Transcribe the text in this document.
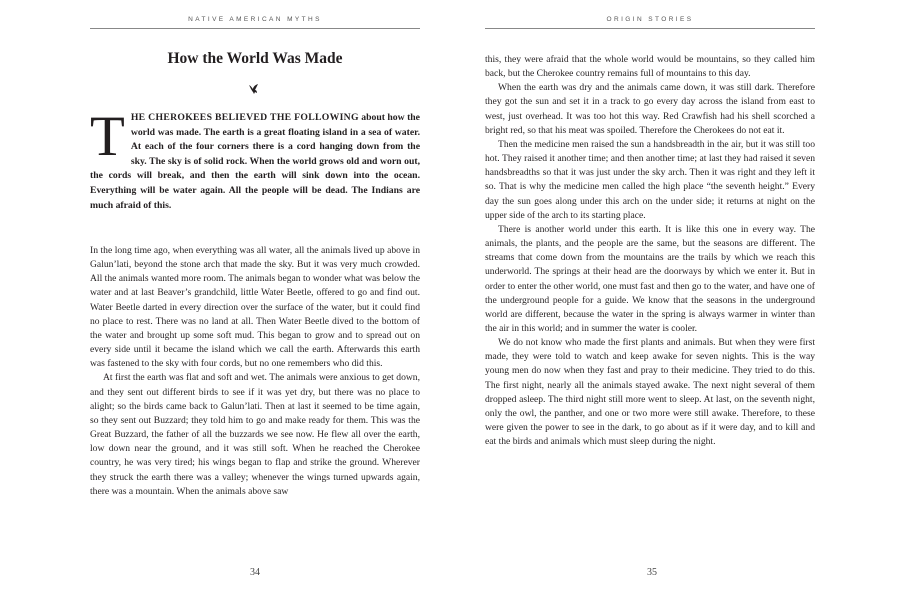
NATIVE AMERICAN MYTHS
How the World Was Made

THE CHEROKEES BELIEVED THE FOLLOWING about how the world was made. The earth is a great floating island in a sea of water. At each of the four corners there is a cord hanging down from the sky. The sky is of solid rock. When the world grows old and worn out, the cords will break, and then the earth will sink down into the ocean. Everything will be water again. All the people will be dead. The Indians are much afraid of this.

In the long time ago, when everything was all water, all the animals lived up above in Galun’lati, beyond the stone arch that made the sky. But it was very much crowded. All the animals wanted more room. The animals began to wonder what was below the water and at last Beaver’s grandchild, little Water Beetle, offered to go and find out. Water Beetle darted in every direction over the surface of the water, but it could find no place to rest. There was no land at all. Then Water Beetle dived to the bottom of the water and brought up some soft mud. This began to grow and to spread out on every side until it became the island which we call the earth. Afterwards this earth was fastened to the sky with four cords, but no one remembers who did this.

At first the earth was flat and soft and wet. The animals were anxious to get down, and they sent out different birds to see if it was yet dry, but there was no place to alight; so the birds came back to Galun’lati. Then at last it seemed to be time again, so they sent out Buzzard; they told him to go and make ready for them. This was the Great Buzzard, the father of all the buzzards we see now. He flew all over the earth, low down near the ground, and it was still soft. When he reached the Cherokee country, he was very tired; his wings began to flap and strike the ground. Wherever they struck the earth there was a valley; whenever the wings turned upwards again, there was a mountain. When the animals above saw

34
ORIGIN STORIES

this, they were afraid that the whole world would be mountains, so they called him back, but the Cherokee country remains full of mountains to this day.

When the earth was dry and the animals came down, it was still dark. Therefore they got the sun and set it in a track to go every day across the island from east to west, just overhead. It was too hot this way. Red Crawfish had his shell scorched a bright red, so that his meat was spoiled. Therefore the Cherokees do not eat it.

Then the medicine men raised the sun a handsbreadth in the air, but it was still too hot. They raised it another time; and then another time; at last they had raised it seven handsbreadths so that it was just under the sky arch. Then it was right and they left it so. That is why the medicine men called the high place “the seventh height.” Every day the sun goes along under this arch on the under side; it returns at night on the upper side of the arch to its starting place.

There is another world under this earth. It is like this one in every way. The animals, the plants, and the people are the same, but the seasons are different. The streams that come down from the mountains are the trails by which we reach this underworld. The springs at their head are the doorways by which we enter it. But in order to enter the other world, one must fast and then go to the water, and have one of the underground people for a guide. We know that the seasons in the underground world are different, because the water in the spring is always warmer in winter than the air in this world; and in summer the water is cooler.

We do not know who made the first plants and animals. But when they were first made, they were told to watch and keep awake for seven nights. This is the way young men do now when they fast and pray to their medicine. They tried to do this. The first night, nearly all the animals stayed awake. The next night several of them dropped asleep. The third night still more went to sleep. At last, on the seventh night, only the owl, the panther, and one or two more were still awake. Therefore, to these were given the power to see in the dark, to go about as if it were day, and to kill and eat the birds and animals which must sleep during the night.

35
